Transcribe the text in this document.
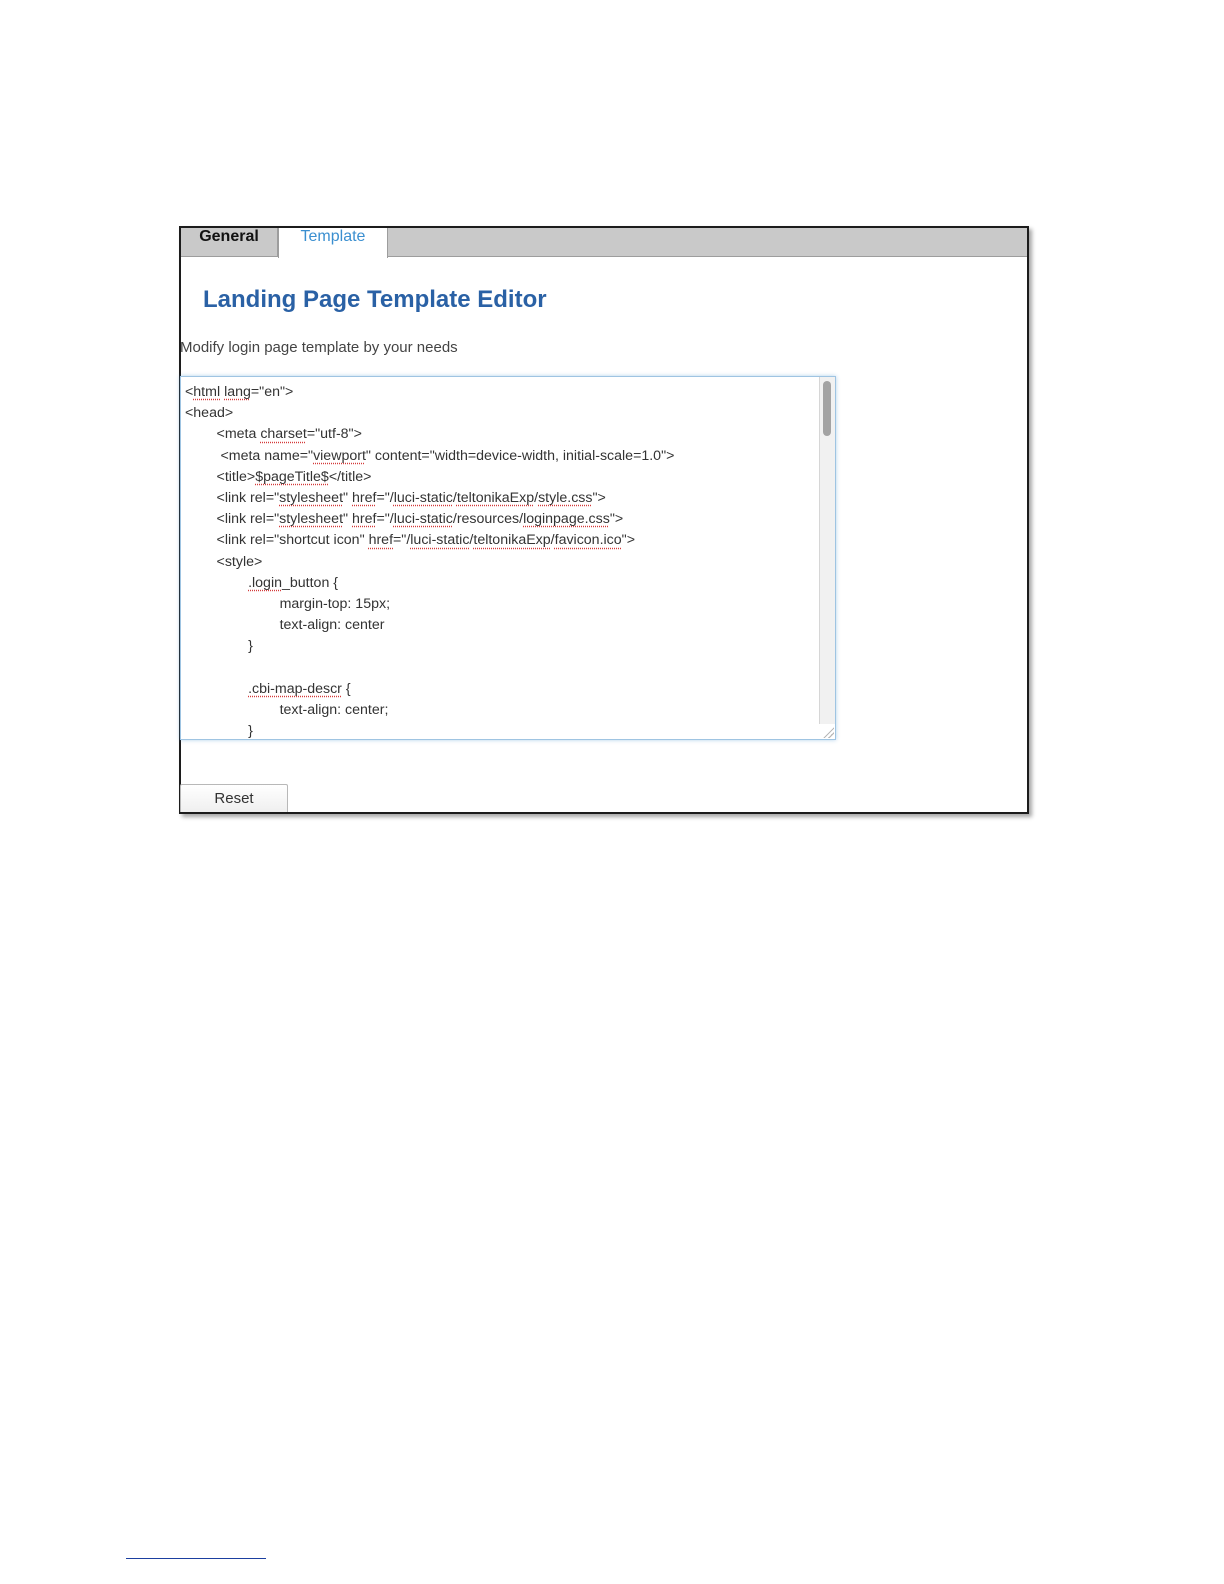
General	Template
Landing Page Template Editor
Modify login page template by your needs
<html lang="en">
<head>
<meta charset="utf-8">
<meta name="viewport" content="width=device-width, initial-scale=1.0">
<title>$pageTitle$</title>
<link rel="stylesheet" href="/luci-static/teltonikaExp/style.css">
<link rel="stylesheet" href="/luci-static/resources/loginpage.css">
<link rel="shortcut icon" href="/luci-static/teltonikaExp/favicon.ico">
<style>
.login_button {
margin-top: 15px;
text-align: center
}

.cbi-map-descr {
text-align: center;
}
Reset
